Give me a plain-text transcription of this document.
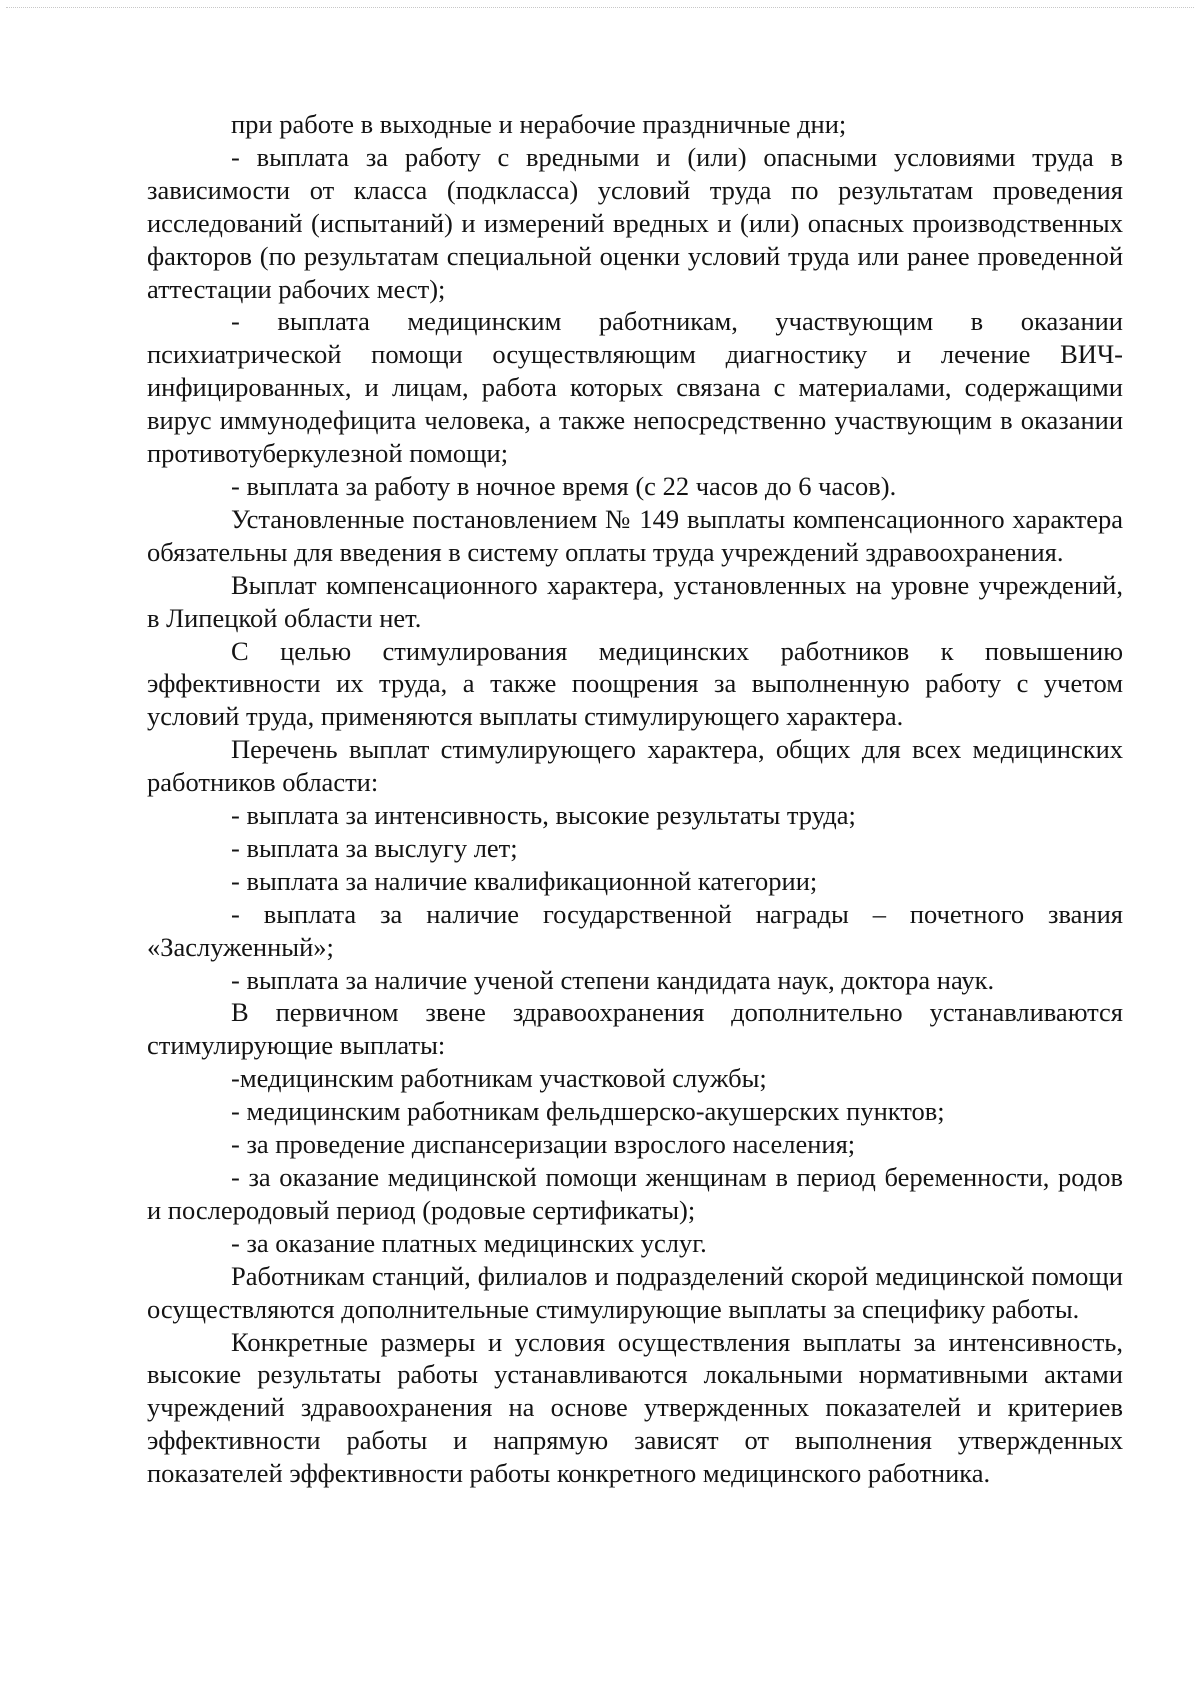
при работе в выходные и нерабочие праздничные дни;

- выплата за работу с вредными и (или) опасными условиями труда в зависимости от класса (подкласса) условий труда по результатам проведения исследований (испытаний) и измерений вредных и (или) опасных производственных факторов (по результатам специальной оценки условий труда или ранее проведенной аттестации рабочих мест);

- выплата медицинским работникам, участвующим в оказании психиатрической помощи осуществляющим диагностику и лечение ВИЧ-инфицированных, и лицам, работа которых связана с материалами, содержащими вирус иммунодефицита человека, а также непосредственно участвующим в оказании противотуберкулезной помощи;

- выплата за работу в ночное время (с 22 часов до 6 часов).

Установленные постановлением № 149 выплаты компенсационного характера обязательны для введения в систему оплаты труда учреждений здравоохранения.

Выплат компенсационного характера, установленных на уровне учреждений, в Липецкой области нет.

С целью стимулирования медицинских работников к повышению эффективности их труда, а также поощрения за выполненную работу с учетом условий труда, применяются выплаты стимулирующего характера.

Перечень выплат стимулирующего характера, общих для всех медицинских работников области:

- выплата за интенсивность, высокие результаты труда;

- выплата за выслугу лет;

- выплата за наличие квалификационной категории;

- выплата за наличие государственной награды – почетного звания «Заслуженный»;

- выплата за наличие ученой степени кандидата наук, доктора наук.

В первичном звене здравоохранения дополнительно устанавливаются стимулирующие выплаты:

-медицинским работникам участковой службы;

- медицинским работникам фельдшерско-акушерских пунктов;

- за проведение диспансеризации взрослого населения;

- за оказание медицинской помощи женщинам в период беременности, родов и послеродовый период (родовые сертификаты);

- за оказание платных медицинских услуг.

Работникам станций, филиалов и подразделений скорой медицинской помощи осуществляются дополнительные стимулирующие выплаты за специфику работы.

Конкретные размеры и условия осуществления выплаты за интенсивность, высокие результаты работы устанавливаются локальными нормативными актами учреждений здравоохранения на основе утвержденных показателей и критериев эффективности работы и напрямую зависят от выполнения утвержденных показателей эффективности работы конкретного медицинского работника.
